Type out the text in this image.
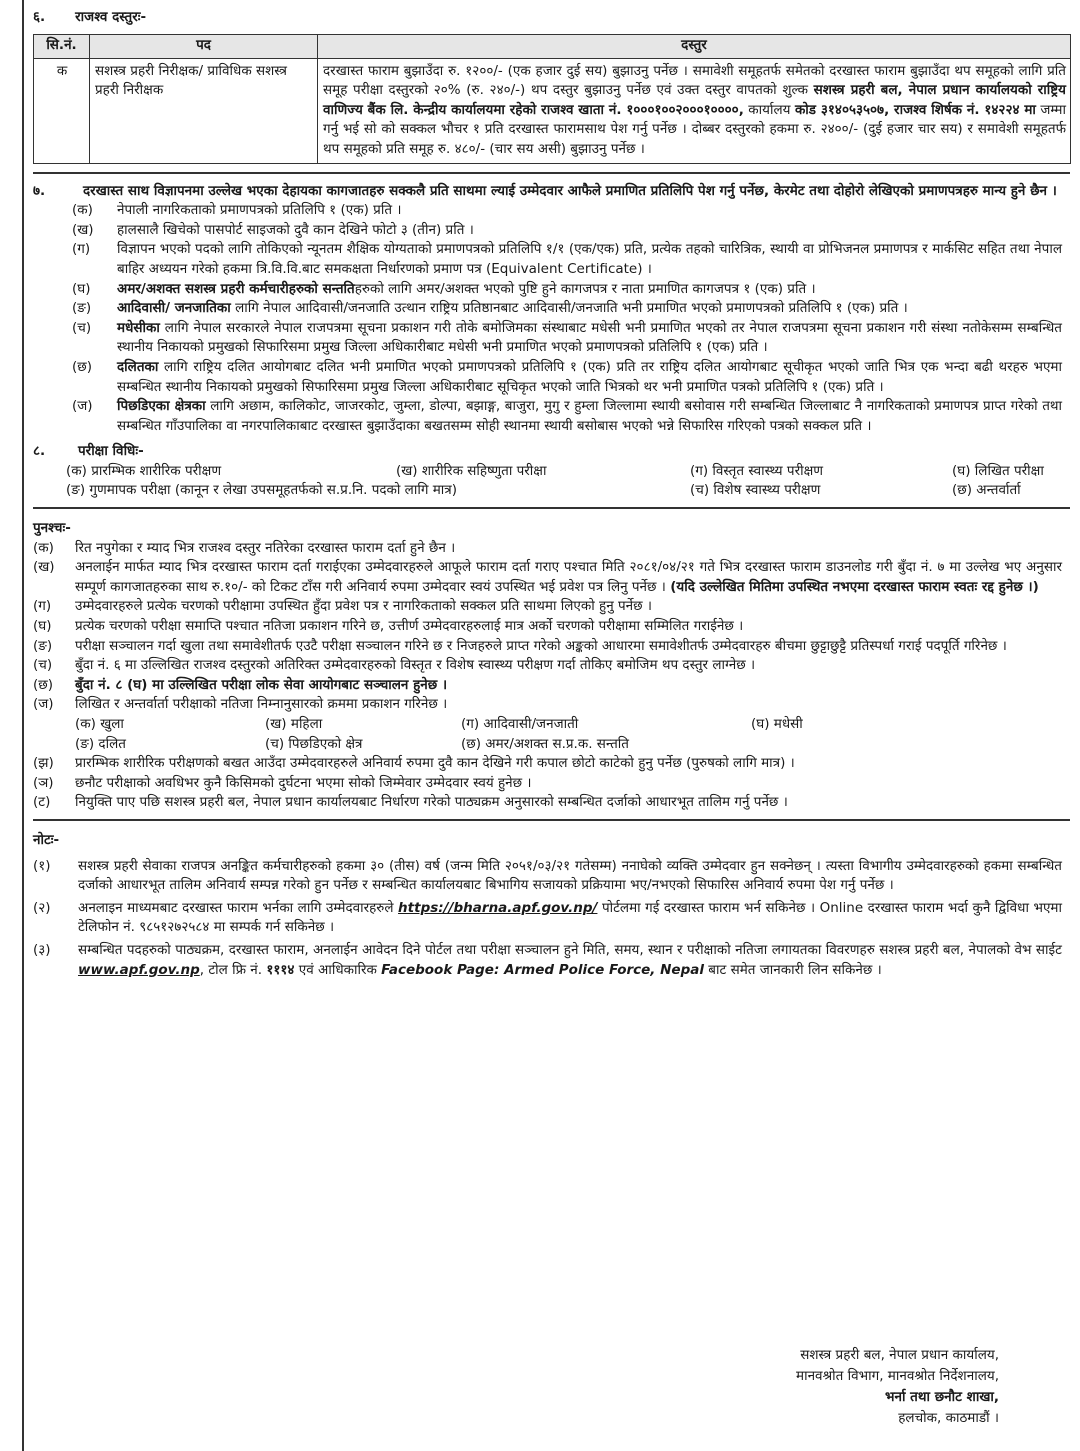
६. राजश्व दस्तुरः-
सि.नं.	पद	दस्तुर
क	सशस्त्र प्रहरी निरीक्षक/ प्राविधिक सशस्त्र प्रहरी निरीक्षक	दरखास्त फाराम बुझाउँदा रु. १२००/- (एक हजार दुई सय) बुझाउनु पर्नेछ । समावेशी समूहतर्फ समेतको दरखास्त फाराम बुझाउँदा थप समूहको लागि प्रति समूह परीक्षा दस्तुरको २०% (रु. २४०/-) थप दस्तुर बुझाउनु पर्नेछ एवं उक्त दस्तुर वापतको शुल्क सशस्त्र प्रहरी बल, नेपाल प्रधान कार्यालयको राष्ट्रिय वाणिज्य बैंक लि. केन्द्रीय कार्यालयमा रहेको राजश्व खाता नं. १०००१००२०००१००००, कार्यालय कोड ३१४०५३५०७, राजश्व शिर्षक नं. १४२२४ मा जम्मा गर्नु भई सो को सक्कल भौचर १ प्रति दरखास्त फारामसाथ पेश गर्नु पर्नेछ । दोब्बर दस्तुरको हकमा रु. २४००/- (दुई हजार चार सय) र समावेशी समूहतर्फ थप समूहको प्रति समूह रु. ४८०/- (चार सय असी) बुझाउनु पर्नेछ ।
७.	दरखास्त साथ विज्ञापनमा उल्लेख भएका देहायका कागजातहरु सक्कलै प्रति साथमा ल्याई उम्मेदवार आफैले प्रमाणित प्रतिलिपि पेश गर्नु पर्नेछ, केरमेट तथा दोहोरो लेखिएको प्रमाणपत्रहरु मान्य हुने छैन ।
(क)	नेपाली नागरिकताको प्रमाणपत्रको प्रतिलिपि १ (एक) प्रति ।
(ख)	हालसालै खिचेको पासपोर्ट साइजको दुवै कान देखिने फोटो ३ (तीन) प्रति ।
(ग)	विज्ञापन भएको पदको लागि तोकिएको न्यूनतम शैक्षिक योग्यताको प्रमाणपत्रको प्रतिलिपि १/१ (एक/एक) प्रति, प्रत्येक तहको चारित्रिक, स्थायी वा प्रोभिजनल प्रमाणपत्र र मार्कसिट सहित तथा नेपाल बाहिर अध्ययन गरेको हकमा त्रि.वि.वि.बाट समकक्षता निर्धारणको प्रमाण पत्र (Equivalent Certificate) ।
(घ)	अमर/अशक्त सशस्त्र प्रहरी कर्मचारीहरुको सन्ततिहरुको लागि अमर/अशक्त भएको पुष्टि हुने कागजपत्र र नाता प्रमाणित कागजपत्र १ (एक) प्रति ।
(ङ)	आदिवासी/ जनजातिका लागि नेपाल आदिवासी/जनजाति उत्थान राष्ट्रिय प्रतिष्ठानबाट आदिवासी/जनजाति भनी प्रमाणित भएको प्रमाणपत्रको प्रतिलिपि १ (एक) प्रति ।
(च)	मधेसीका लागि नेपाल सरकारले नेपाल राजपत्रमा सूचना प्रकाशन गरी तोके बमोजिमका संस्थाबाट मधेसी भनी प्रमाणित भएको तर नेपाल राजपत्रमा सूचना प्रकाशन गरी संस्था नतोकेसम्म सम्बन्धित स्थानीय निकायको प्रमुखको सिफारिसमा प्रमुख जिल्ला अधिकारीबाट मधेसी भनी प्रमाणित भएको प्रमाणपत्रको प्रतिलिपि १ (एक) प्रति ।
(छ)	दलितका लागि राष्ट्रिय दलित आयोगबाट दलित भनी प्रमाणित भएको प्रमाणपत्रको प्रतिलिपि १ (एक) प्रति तर राष्ट्रिय दलित आयोगबाट सूचीकृत भएको जाति भित्र एक भन्दा बढी थरहरु भएमा सम्बन्धित स्थानीय निकायको प्रमुखको सिफारिसमा प्रमुख जिल्ला अधिकारीबाट सूचिकृत भएको जाति भित्रको थर भनी प्रमाणित पत्रको प्रतिलिपि १ (एक) प्रति ।
(ज)	पिछडिएका क्षेत्रका लागि अछाम, कालिकोट, जाजरकोट, जुम्ला, डोल्पा, बझाङ्ग, बाजुरा, मुगु र हुम्ला जिल्लामा स्थायी बसोवास गरी सम्बन्धित जिल्लाबाट नै नागरिकताको प्रमाणपत्र प्राप्त गरेको तथा सम्बन्धित गाँउपालिका वा नगरपालिकाबाट दरखास्त बुझाउँदाका बखतसम्म सोही स्थानमा स्थायी बसोबास भएको भन्ने सिफारिस गरिएको पत्रको सक्कल प्रति ।
८.	परीक्षा विधिः-
(क) प्रारम्भिक शारीरिक परीक्षण	(ख) शारीरिक सहिष्णुता परीक्षा	(ग) विस्तृत स्वास्थ्य परीक्षण	(घ) लिखित परीक्षा
(ङ) गुणमापक परीक्षा (कानून र लेखा उपसमूहतर्फको स.प्र.नि. पदको लागि मात्र)	(च) विशेष स्वास्थ्य परीक्षण	(छ) अन्तर्वार्ता
पुनश्चः-
(क)	रित नपुगेका र म्याद भित्र राजश्व दस्तुर नतिरेका दरखास्त फाराम दर्ता हुने छैन ।
(ख)	अनलाईन मार्फत म्याद भित्र दरखास्त फाराम दर्ता गराईएका उम्मेदवारहरुले आफूले फाराम दर्ता गराए पश्चात मिति २०८१/०४/२१ गते भित्र दरखास्त फाराम डाउनलोड गरी बुँदा नं. ७ मा उल्लेख भए अनुसार सम्पूर्ण कागजातहरुका साथ रु.१०/- को टिकट टाँस गरी अनिवार्य रुपमा उम्मेदवार स्वयं उपस्थित भई प्रवेश पत्र लिनु पर्नेछ । (यदि उल्लेखित मितिमा उपस्थित नभएमा दरखास्त फाराम स्वतः रद्द हुनेछ ।)
(ग)	उम्मेदवारहरुले प्रत्येक चरणको परीक्षामा उपस्थित हुँदा प्रवेश पत्र र नागरिकताको सक्कल प्रति साथमा लिएको हुनु पर्नेछ ।
(घ)	प्रत्येक चरणको परीक्षा समाप्ति पश्चात नतिजा प्रकाशन गरिने छ, उत्तीर्ण उम्मेदवारहरुलाई मात्र अर्को चरणको परीक्षामा सम्मिलित गराईनेछ ।
(ङ)	परीक्षा सञ्चालन गर्दा खुला तथा समावेशीतर्फ एउटै परीक्षा सञ्चालन गरिने छ र निजहरुले प्राप्त गरेको अङ्कको आधारमा समावेशीतर्फ उम्मेदवारहरु बीचमा छुट्टाछुट्टै प्रतिस्पर्धा गराई पदपूर्ति गरिनेछ ।
(च)	बुँदा नं. ६ मा उल्लिखित राजश्व दस्तुरको अतिरिक्त उम्मेदवारहरुको विस्तृत र विशेष स्वास्थ्य परीक्षण गर्दा तोकिए बमोजिम थप दस्तुर लाग्नेछ ।
(छ)	बुँदा नं. ८ (घ) मा उल्लिखित परीक्षा लोक सेवा आयोगबाट सञ्चालन हुनेछ ।
(ज)	लिखित र अन्तर्वार्ता परीक्षाको नतिजा निम्नानुसारको क्रममा प्रकाशन गरिनेछ ।
(क) खुला	(ख) महिला	(ग) आदिवासी/जनजाती	(घ) मधेसी
(ङ) दलित	(च) पिछडिएको क्षेत्र	(छ) अमर/अशक्त स.प्र.क. सन्तति
(झ)	प्रारम्भिक शारीरिक परीक्षणको बखत आउँदा उम्मेदवारहरुले अनिवार्य रुपमा दुवै कान देखिने गरी कपाल छोटो काटेको हुनु पर्नेछ (पुरुषको लागि मात्र) ।
(ञ)	छनौट परीक्षाको अवधिभर कुनै किसिमको दुर्घटना भएमा सोको जिम्मेवार उम्मेदवार स्वयं हुनेछ ।
(ट)	नियुक्ति पाए पछि सशस्त्र प्रहरी बल, नेपाल प्रधान कार्यालयबाट निर्धारण गरेको पाठ्यक्रम अनुसारको सम्बन्धित दर्जाको आधारभूत तालिम गर्नु पर्नेछ ।
नोटः-
(१)	सशस्त्र प्रहरी सेवाका राजपत्र अनङ्कित कर्मचारीहरुको हकमा ३० (तीस) वर्ष (जन्म मिति २०५१/०३/२१ गतेसम्म) ननाघेको व्यक्ति उम्मेदवार हुन सक्नेछन् । त्यस्ता विभागीय उम्मेदवारहरुको हकमा सम्बन्धित दर्जाको आधारभूत तालिम अनिवार्य सम्पन्न गरेको हुन पर्नेछ र सम्बन्धित कार्यालयबाट बिभागिय सजायको प्रक्रियामा भए/नभएको सिफारिस अनिवार्य रुपमा पेश गर्नु पर्नेछ ।
(२)	अनलाइन माध्यमबाट दरखास्त फाराम भर्नका लागि उम्मेदवारहरुले https://bharna.apf.gov.np/ पोर्टलमा गई दरखास्त फाराम भर्न सकिनेछ । Online दरखास्त फाराम भर्दा कुनै द्विविधा भएमा टेलिफोन नं. ९८५१२७२५८४ मा सम्पर्क गर्न सकिनेछ ।
(३)	सम्बन्धित पदहरुको पाठ्यक्रम, दरखास्त फाराम, अनलाईन आवेदन दिने पोर्टल तथा परीक्षा सञ्चालन हुने मिति, समय, स्थान र परीक्षाको नतिजा लगायतका विवरणहरु सशस्त्र प्रहरी बल, नेपालको वेभ साईट www.apf.gov.np, टोल फ्रि नं. १११४ एवं आधिकारिक Facebook Page: Armed Police Force, Nepal बाट समेत जानकारी लिन सकिनेछ ।
सशस्त्र प्रहरी बल, नेपाल प्रधान कार्यालय,
मानवश्रोत विभाग, मानवश्रोत निर्देशनालय,
भर्ना तथा छनौट शाखा,
हलचोक, काठमाडौं ।
